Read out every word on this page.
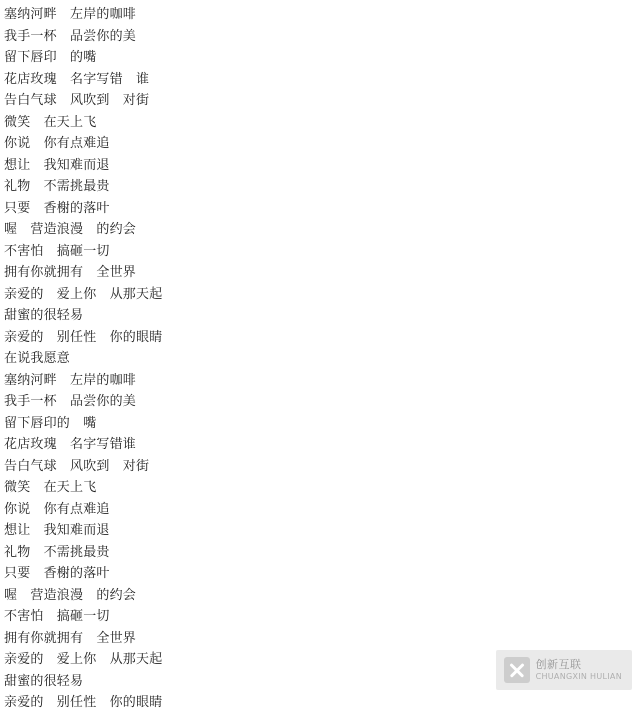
塞纳河畔　左岸的咖啡
我手一杯　品尝你的美
留下唇印　的嘴
花店玫瑰　名字写错　谁
告白气球　风吹到　对街
微笑　在天上飞
你说　你有点难追
想让　我知难而退
礼物　不需挑最贵
只要　香榭的落叶
喔　营造浪漫　的约会
不害怕　搞砸一切
拥有你就拥有　全世界
亲爱的　爱上你　从那天起
甜蜜的很轻易
亲爱的　别任性　你的眼睛
在说我愿意
塞纳河畔　左岸的咖啡
我手一杯　品尝你的美
留下唇印的　嘴
花店玫瑰　名字写错谁
告白气球　风吹到　对街
微笑　在天上飞
你说　你有点难追
想让　我知难而退
礼物　不需挑最贵
只要　香榭的落叶
喔　营造浪漫　的约会
不害怕　搞砸一切
拥有你就拥有　全世界
亲爱的　爱上你　从那天起
甜蜜的很轻易
亲爱的　别任性　你的眼睛
创新互联
CHUANGXIN HULIAN
